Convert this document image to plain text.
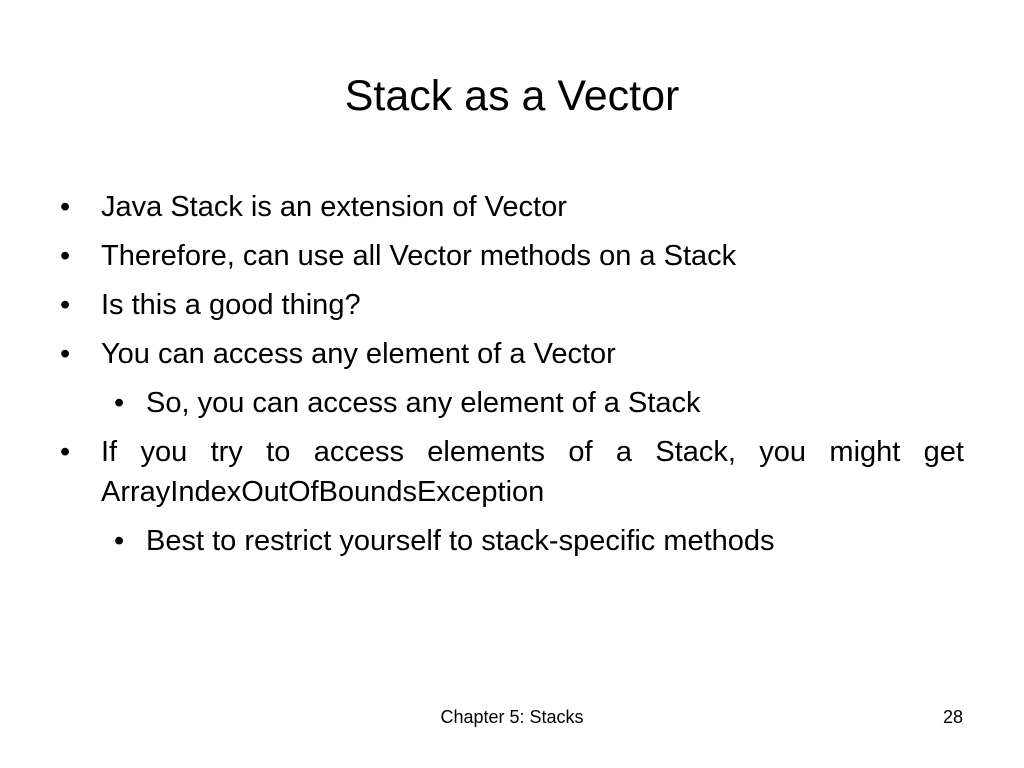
Stack as a Vector
• Java Stack is an extension of Vector
• Therefore, can use all Vector methods on a Stack
• Is this a good thing?
• You can access any element of a Vector
• So, you can access any element of a Stack
• If you try to access elements of a Stack, you might get ArrayIndexOutOfBoundsException
• Best to restrict yourself to stack-specific methods
Chapter 5: Stacks	28
